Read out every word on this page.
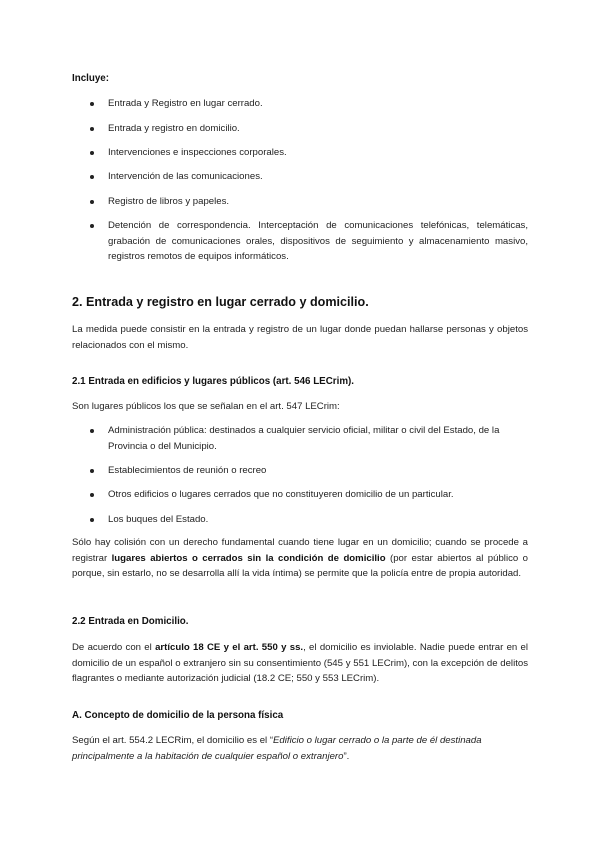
Incluye:
Entrada y Registro en lugar cerrado.
Entrada y registro en domicilio.
Intervenciones e inspecciones corporales.
Intervención de las comunicaciones.
Registro de libros y papeles.
Detención de correspondencia. Interceptación de comunicaciones telefónicas, telemáticas, grabación de comunicaciones orales, dispositivos de seguimiento y almacenamiento masivo, registros remotos de equipos informáticos.
2. Entrada y registro en lugar cerrado y domicilio.
La medida puede consistir en la entrada y registro de un lugar donde puedan hallarse personas y objetos relacionados con el mismo.
2.1 Entrada en edificios y lugares públicos (art. 546 LECrim).
Son lugares públicos los que se señalan en el art. 547 LECrim:
Administración pública: destinados a cualquier servicio oficial, militar o civil del Estado, de la Provincia o del Municipio.
Establecimientos de reunión o recreo
Otros edificios o lugares cerrados que no constituyeren domicilio de un particular.
Los buques del Estado.
Sólo hay colisión con un derecho fundamental cuando tiene lugar en un domicilio; cuando se procede a registrar lugares abiertos o cerrados sin la condición de domicilio (por estar abiertos al público o porque, sin estarlo, no se desarrolla allí la vida íntima) se permite que la policía entre de propia autoridad.
2.2 Entrada en Domicilio.
De acuerdo con el artículo 18 CE y el art. 550 y ss., el domicilio es inviolable. Nadie puede entrar en el domicilio de un español o extranjero sin su consentimiento (545 y 551 LECrim), con la excepción de delitos flagrantes o mediante autorización judicial (18.2 CE; 550 y 553 LECrim).
A. Concepto de domicilio de la persona física
Según el art. 554.2 LECRim, el domicilio es el “Edificio o lugar cerrado o la parte de él destinada principalmente a la habitación de cualquier español o extranjero”.
